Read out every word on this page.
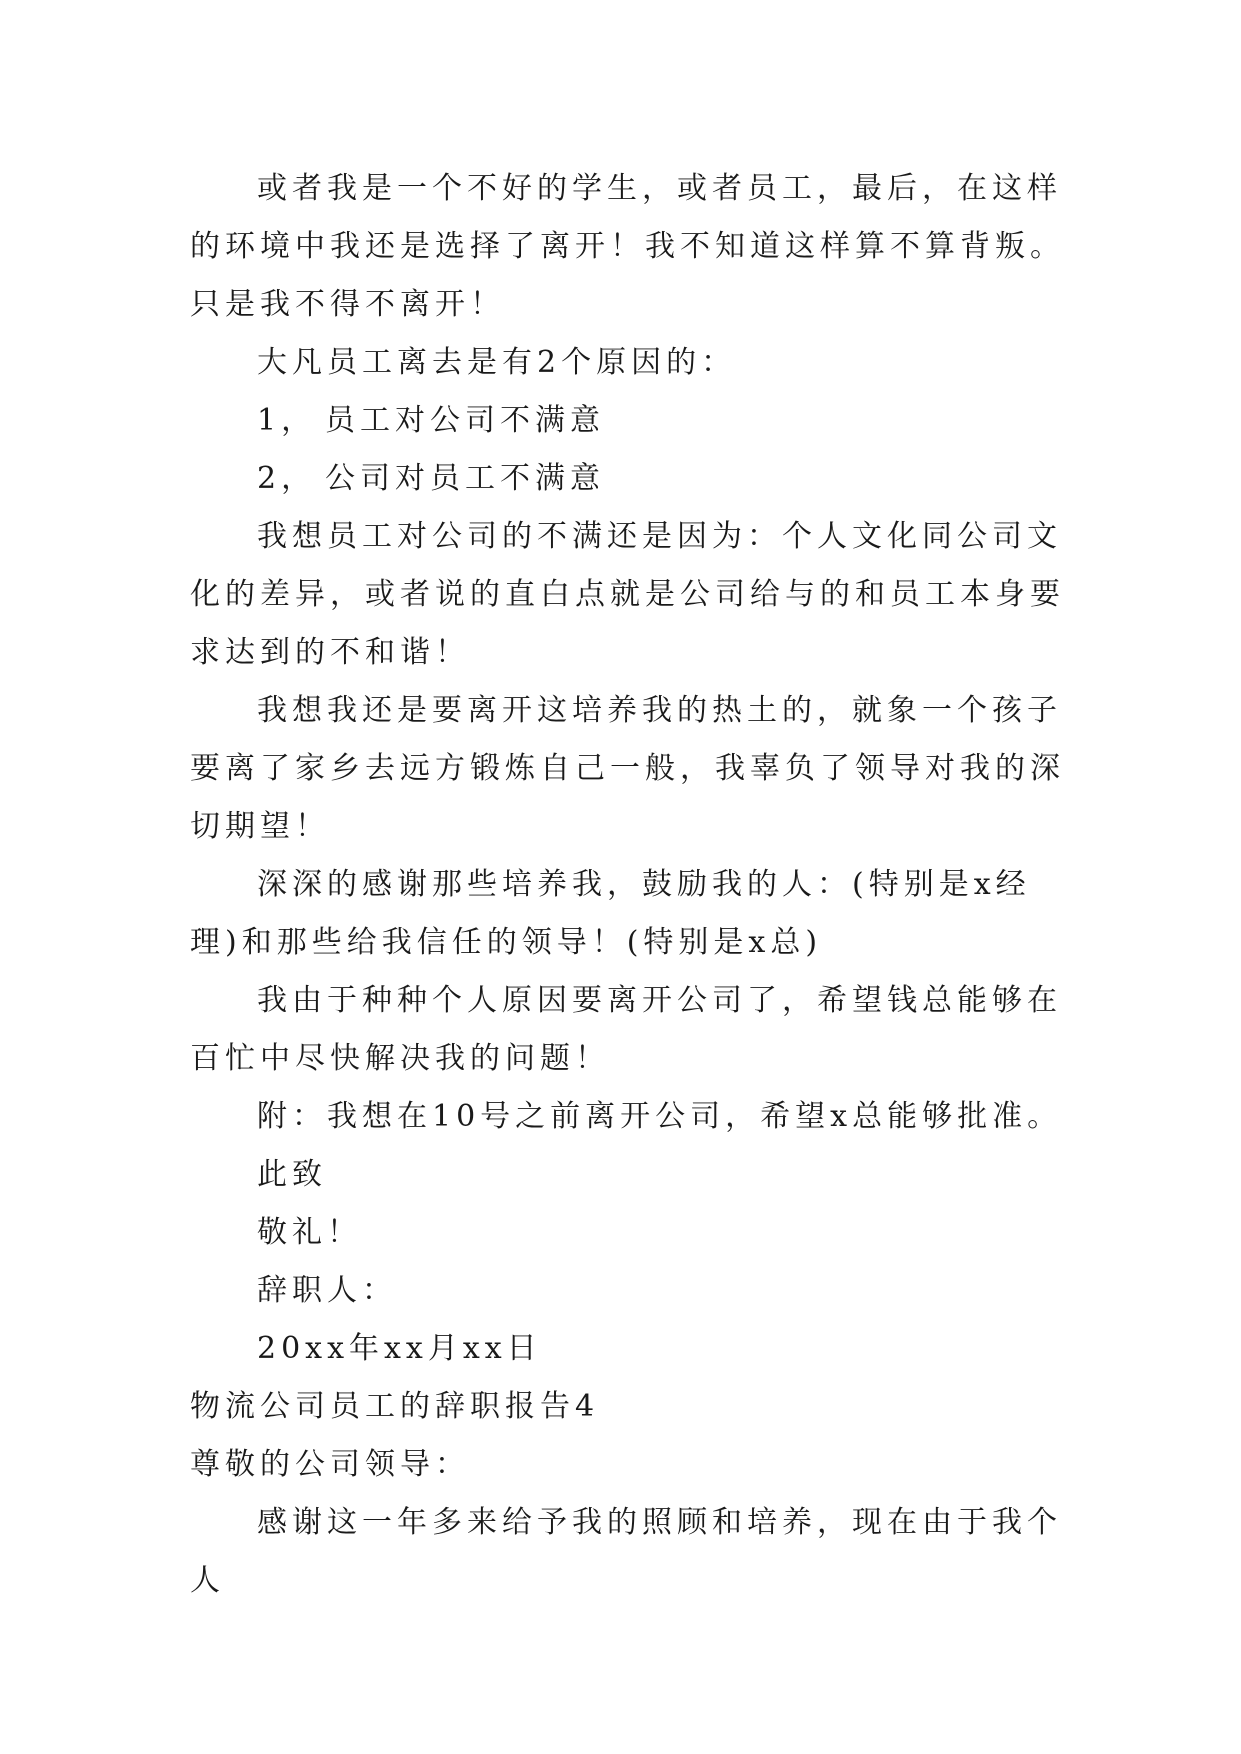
或者我是一个不好的学生，或者员工，最后，在这样的环境中我还是选择了离开！我不知道这样算不算背叛。只是我不得不离开！

大凡员工离去是有2个原因的：

1， 员工对公司不满意

2， 公司对员工不满意

我想员工对公司的不满还是因为：个人文化同公司文化的差异，或者说的直白点就是公司给与的和员工本身要求达到的不和谐！

我想我还是要离开这培养我的热土的，就象一个孩子要离了家乡去远方锻炼自己一般，我辜负了领导对我的深切期望！

深深的感谢那些培养我，鼓励我的人：(特别是x经理)和那些给我信任的领导！(特别是x总)

我由于种种个人原因要离开公司了，希望钱总能够在百忙中尽快解决我的问题！

附：我想在10号之前离开公司，希望x总能够批准。

此致

敬礼！

辞职人：

20xx年xx月xx日

物流公司员工的辞职报告4

尊敬的公司领导：

感谢这一年多来给予我的照顾和培养，现在由于我个人
